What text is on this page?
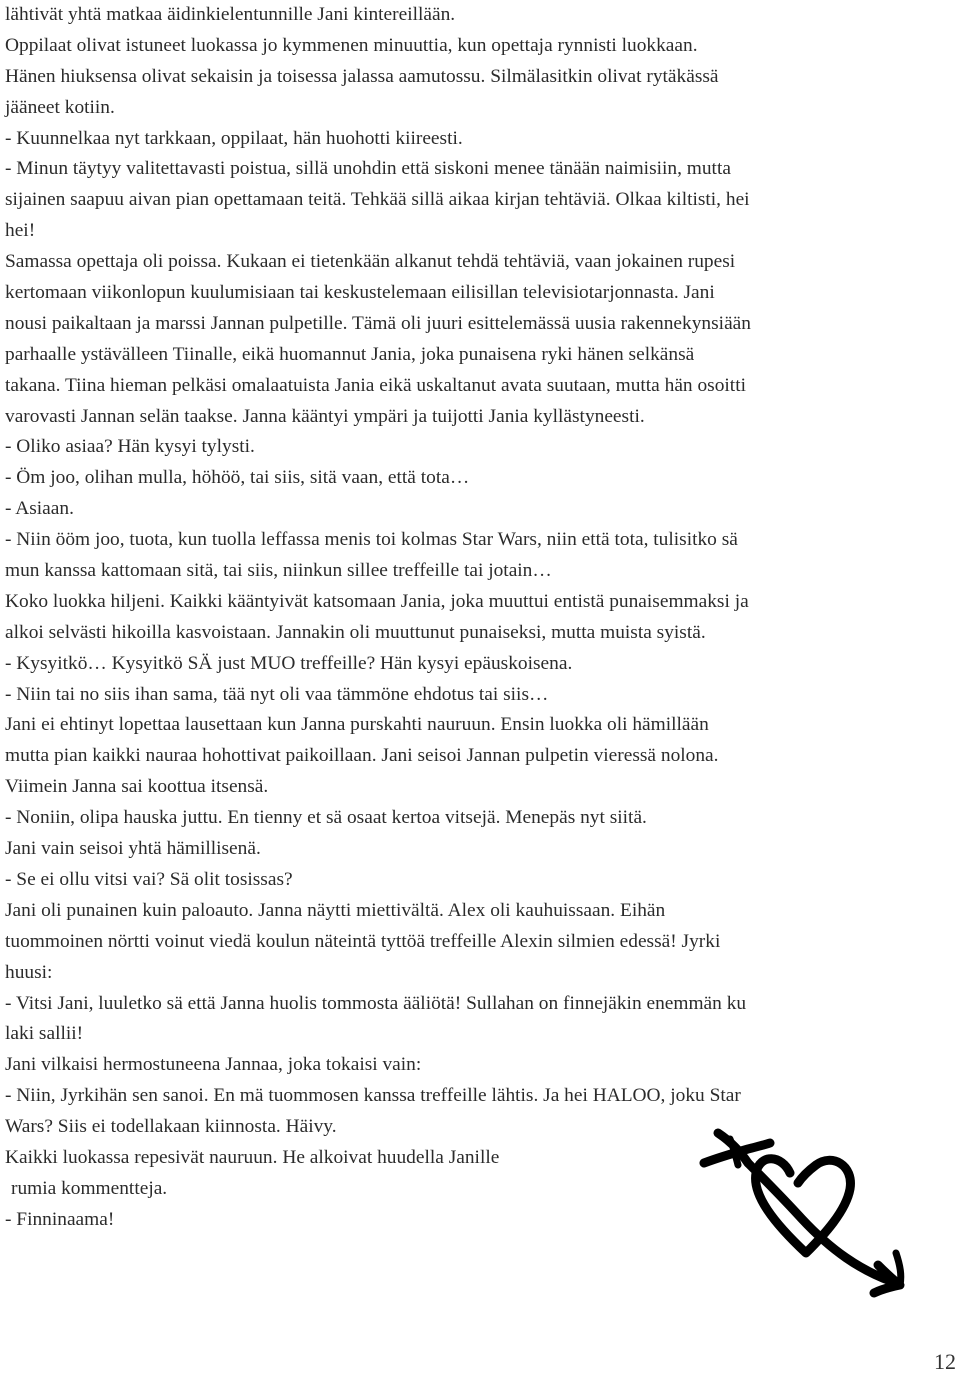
lähtivät yhtä matkaa äidinkielentunnille Jani kintereillään.
Oppilaat olivat istuneet luokassa jo kymmenen minuuttia, kun opettaja rynnisti luokkaan.
Hänen hiuksensa olivat sekaisin ja toisessa jalassa aamutossu. Silmälasitkin olivat rytäkässä
jääneet kotiin.
- Kuunnelkaa nyt tarkkaan, oppilaat, hän huohotti kiireesti.
- Minun täytyy valitettavasti poistua, sillä unohdin että siskoni menee tänään naimisiin, mutta
sijainen saapuu aivan pian opettamaan teitä. Tehkää sillä aikaa kirjan tehtäviä. Olkaa kiltisti, hei
hei!
Samassa opettaja oli poissa. Kukaan ei tietenkään alkanut tehdä tehtäviä, vaan jokainen rupesi
kertomaan viikonlopun kuulumisiaan tai keskustelemaan eilisillan televisiotarjonnasta. Jani
nousi paikaltaan ja marssi Jannan pulpetille. Tämä oli juuri esittelemässä uusia rakennekynsiään
parhaalle ystävälleen Tiinalle, eikä huomannut Jania, joka punaisena ryki hänen selkänsä
takana. Tiina hieman pelkäsi omalaatuista Jania eikä uskaltanut avata suutaan, mutta hän osoitti
varovasti Jannan selän taakse. Janna kääntyi ympäri ja tuijotti Jania kyllästyneesti.
- Oliko asiaa? Hän kysyi tylysti.
- Öm joo, olihan mulla, höhöö, tai siis, sitä vaan, että tota…
- Asiaan.
- Niin ööm joo, tuota, kun tuolla leffassa menis toi kolmas Star Wars, niin että tota, tulisitko sä
mun kanssa kattomaan sitä, tai siis, niinkun sillee treffeille tai jotain…
Koko luokka hiljeni. Kaikki kääntyivät katsomaan Jania, joka muuttui entistä punaisemmaksi ja
alkoi selvästi hikoilla kasvoistaan. Jannakin oli muuttunut punaiseksi, mutta muista syistä.
- Kysyitkö… Kysyitkö SÄ just MUO treffeille? Hän kysyi epäuskoisena.
- Niin tai no siis ihan sama, tää nyt oli vaa tämmöne ehdotus tai siis…
Jani ei ehtinyt lopettaa lausettaan kun Janna purskahti nauruun. Ensin luokka oli hämillään
mutta pian kaikki nauraa hohottivat paikoillaan. Jani seisoi Jannan pulpetin vieressä nolona.
Viimein Janna sai koottua itsensä.
- Noniin, olipa hauska juttu. En tienny et sä osaat kertoa vitsejä. Menepäs nyt siitä.
Jani vain seisoi yhtä hämillisenä.
- Se ei ollu vitsi vai? Sä olit tosissas?
Jani oli punainen kuin paloauto. Janna näytti miettivältä. Alex oli kauhuissaan. Eihän
tuommoinen nörtti voinut viedä koulun näteintä tyttöä treffeille Alexin silmien edessä! Jyrki
huusi:
- Vitsi Jani, luuletko sä että Janna huolis tommosta ääliötä! Sullahan on finnejäkin enemmän ku
laki sallii!
Jani vilkaisi hermostuneena Jannaa, joka tokaisi vain:
- Niin, Jyrkihän sen sanoi. En mä tuommosen kanssa treffeille lähtis. Ja hei HALOO, joku Star
Wars? Siis ei todellakaan kiinnosta. Häivy.
Kaikki luokassa repesivät nauruun. He alkoivat huudella Janille
rumia kommentteja.
- Finninaama!
12
